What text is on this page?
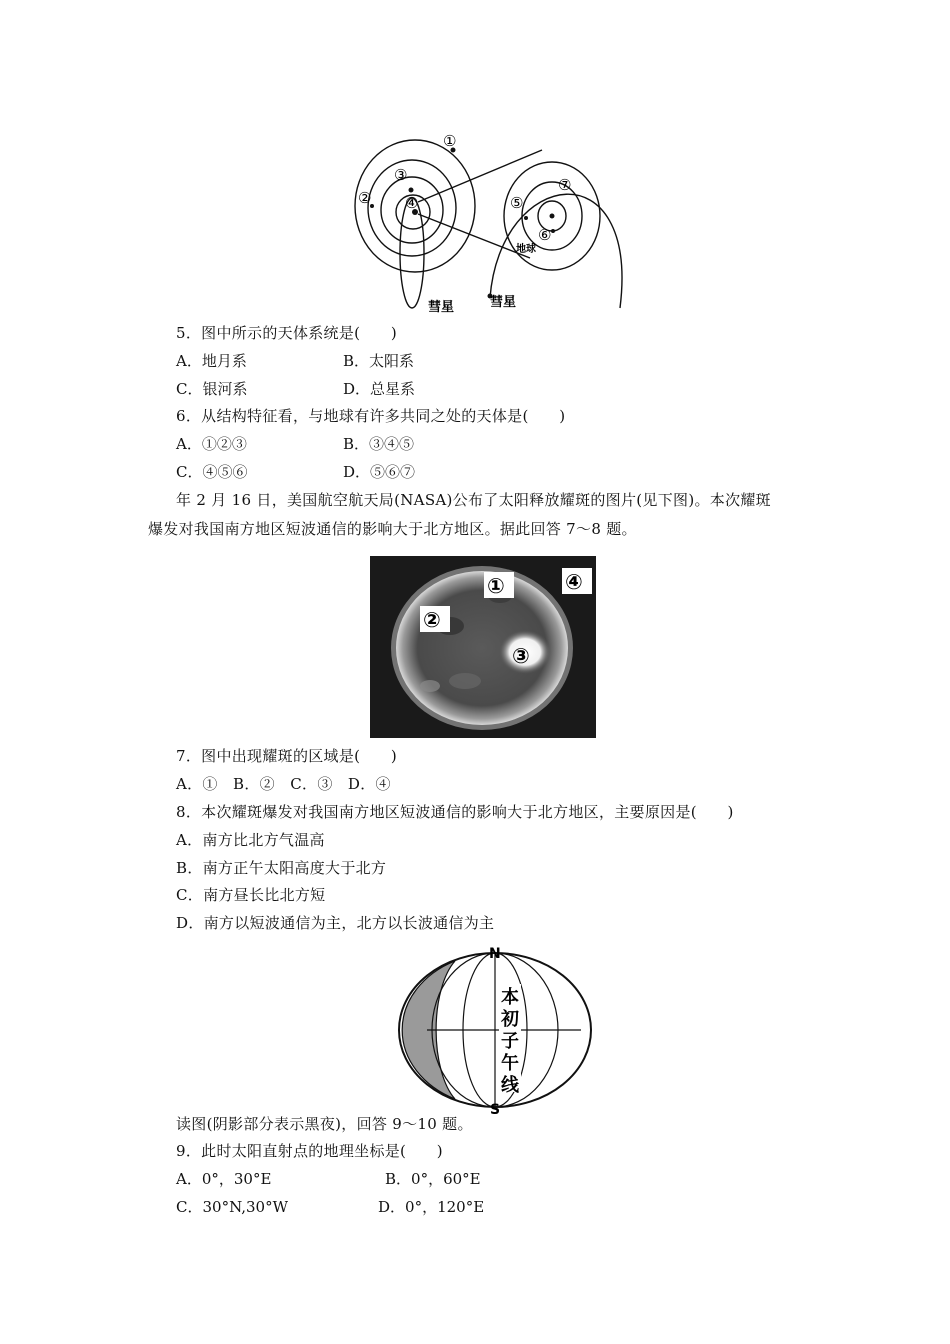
①
②
③
④	⑤
⑥
⑦
地球
彗星	彗星
5．图中所示的天体系统是(　　)
A．地月系	B．太阳系
C．银河系	D．总星系
6．从结构特征看，与地球有许多共同之处的天体是(　　)
A．①②③	B．③④⑤
C．④⑤⑥	D．⑤⑥⑦
年 2 月 16 日，美国航空航天局(NASA)公布了太阳释放耀斑的图片(见下图)。本次耀斑
爆发对我国南方地区短波通信的影响大于北方地区。据此回答 7～8 题。
①
②
③
④
7．图中出现耀斑的区域是(　　)
A．①　B．②　C．③　D．④
8．本次耀斑爆发对我国南方地区短波通信的影响大于北方地区，主要原因是(　　)
A．南方比北方气温高
B．南方正午太阳高度大于北方
C．南方昼长比北方短
D．南方以短波通信为主，北方以长波通信为主
N
S
本
初
子
午
线
读图(阴影部分表示黑夜)，回答 9～10 题。
9．此时太阳直射点的地理坐标是(　　)
A．0°，30°E	B．0°，60°E
C．30°N,30°W	D．0°，120°E
